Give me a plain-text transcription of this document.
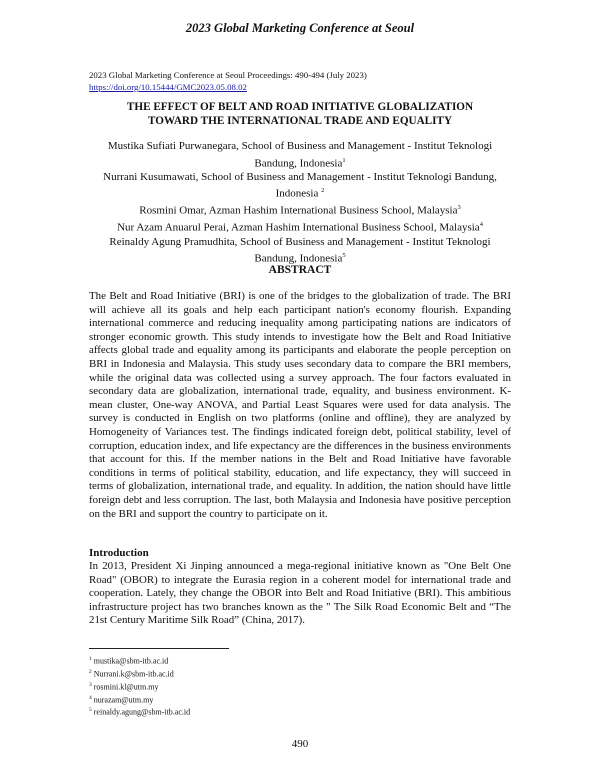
2023 Global Marketing Conference at Seoul
2023 Global Marketing Conference at Seoul Proceedings: 490-494 (July 2023)
https://doi.org/10.15444/GMC2023.05.08.02
THE EFFECT OF BELT AND ROAD INITIATIVE GLOBALIZATION
TOWARD THE INTERNATIONAL TRADE AND EQUALITY
Mustika Sufiati Purwanegara, School of Business and Management - Institut Teknologi Bandung, Indonesia$^1$
Nurrani Kusumawati, School of Business and Management - Institut Teknologi Bandung, Indonesia $^2$
Rosmini Omar, Azman Hashim International Business School, Malaysia$^3$
Nur Azam Anuarul Perai, Azman Hashim International Business School, Malaysia$^4$
Reinaldy Agung Pramudhita, School of Business and Management - Institut Teknologi Bandung, Indonesia$^5$
ABSTRACT

The Belt and Road Initiative (BRI) is one of the bridges to the globalization of trade. The BRI will achieve all its goals and help each participant nation's economy flourish. Expanding international commerce and reducing inequality among participating nations are indicators of stronger economic growth. This study intends to investigate how the Belt and Road Initiative affects global trade and equality among its participants and elaborate the people perception on BRI in Indonesia and Malaysia. This study uses secondary data to compare the BRI members, while the original data was collected using a survey approach. The four factors evaluated in secondary data are globalization, international trade, equality, and business environment. K-mean cluster, One-way ANOVA, and Partial Least Squares were used for data analysis. The survey is conducted in English on two platforms (online and offline), they are analyzed by Homogeneity of Variances test. The findings indicated foreign debt, political stability, level of corruption, education index, and life expectancy are the differences in the business environments that account for this. If the member nations in the Belt and Road Initiative have favorable conditions in terms of political stability, education, and life expectancy, they will succeed in terms of globalization, international trade, and equality. In addition, the nation should have little foreign debt and less corruption. The last, both Malaysia and Indonesia have positive perception on the BRI and support the country to participate on it.

Introduction

In 2013, President Xi Jinping announced a mega-regional initiative known as "One Belt One Road" (OBOR) to integrate the Eurasia region in a coherent model for international trade and cooperation. Lately, they change the OBOR into Belt and Road Initiative (BRI). This ambitious infrastructure project has two branches known as the " The Silk Road Economic Belt and “The 21st Century Maritime Silk Road” (China, 2017).

$^1$ mustika@sbm-itb.ac.id
$^2$ Nurrani.k@sbm-itb.ac.id
$^3$ rosmini.kl@utm.my
$^4$ nurazam@utm.my
$^5$ reinaldy.agung@sbm-itb.ac.id
490
